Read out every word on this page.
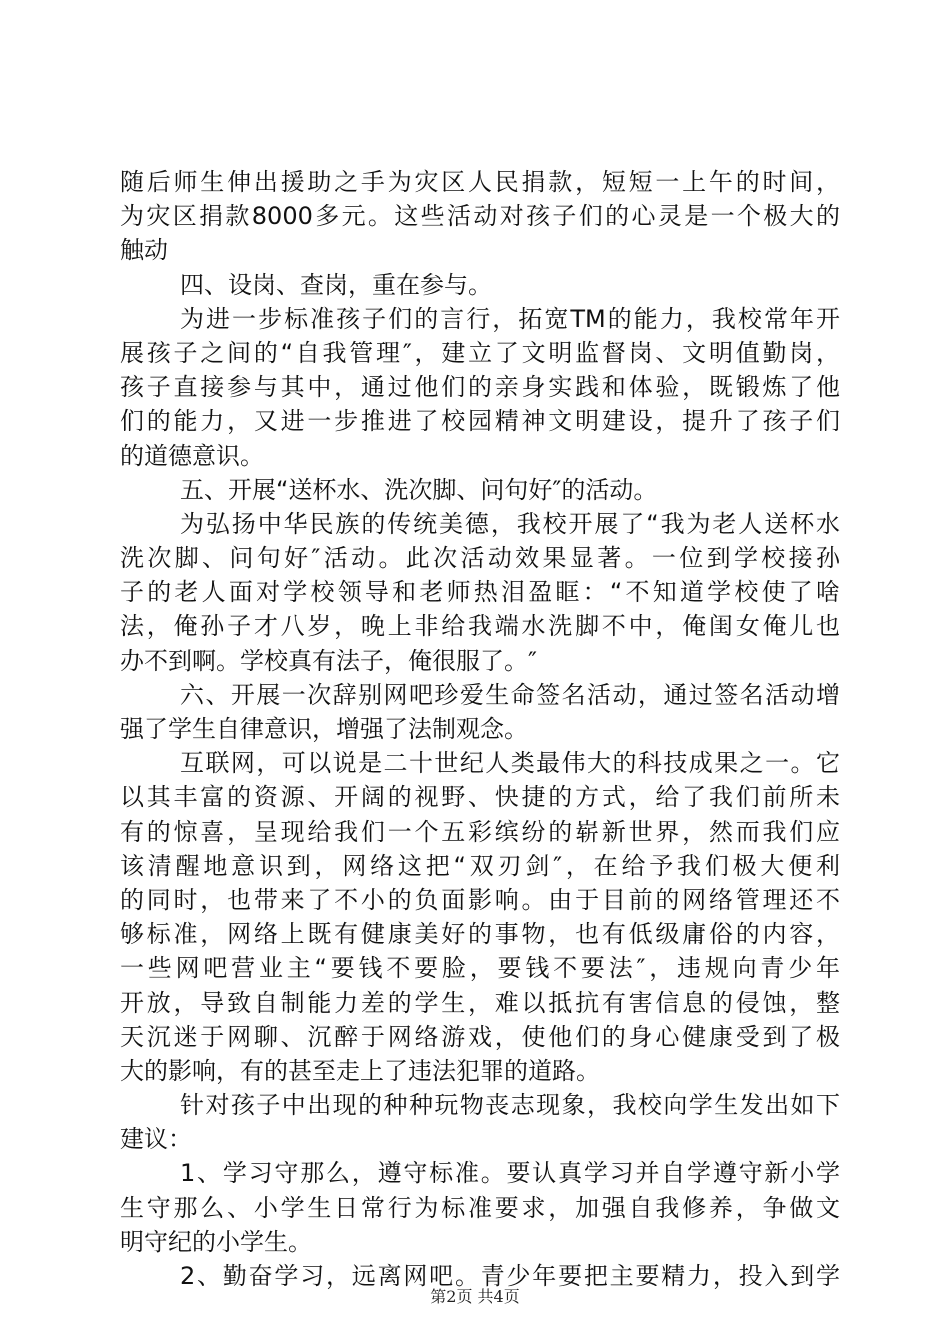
随后师生伸出援助之手为灾区人民捐款，短短一上午的时间，
为灾区捐款8000多元。这些活动对孩子们的心灵是一个极大的
触动
四、设岗、查岗，重在参与。
为进一步标准孩子们的言行，拓宽TM的能力，我校常年开
展孩子之间的“自我管理″，建立了文明监督岗、文明值勤岗，
孩子直接参与其中，通过他们的亲身实践和体验，既锻炼了他
们的能力，又进一步推进了校园精神文明建设，提升了孩子们
的道德意识。
五、开展“送杯水、洗次脚、问句好″的活动。
为弘扬中华民族的传统美德，我校开展了“我为老人送杯水
洗次脚、问句好″活动。此次活动效果显著。一位到学校接孙
子的老人面对学校领导和老师热泪盈眶：“不知道学校使了啥
法，俺孙子才八岁，晚上非给我端水洗脚不中，俺闺女俺儿也
办不到啊。学校真有法子，俺很服了。″
六、开展一次辞别网吧珍爱生命签名活动，通过签名活动增
强了学生自律意识，增强了法制观念。
互联网，可以说是二十世纪人类最伟大的科技成果之一。它
以其丰富的资源、开阔的视野、快捷的方式，给了我们前所未
有的惊喜，呈现给我们一个五彩缤纷的崭新世界，然而我们应
该清醒地意识到，网络这把“双刃剑″，在给予我们极大便利
的同时，也带来了不小的负面影响。由于目前的网络管理还不
够标准，网络上既有健康美好的事物，也有低级庸俗的内容，
一些网吧营业主“要钱不要脸，要钱不要法″，违规向青少年
开放，导致自制能力差的学生，难以抵抗有害信息的侵蚀，整
天沉迷于网聊、沉醉于网络游戏，使他们的身心健康受到了极
大的影响，有的甚至走上了违法犯罪的道路。
针对孩子中出现的种种玩物丧志现象，我校向学生发出如下
建议：
1、学习守那么，遵守标准。要认真学习并自学遵守新小学
生守那么、小学生日常行为标准要求，加强自我修养，争做文
明守纪的小学生。
2、勤奋学习，远离网吧。青少年要把主要精力，投入到学
第2页 共4页
